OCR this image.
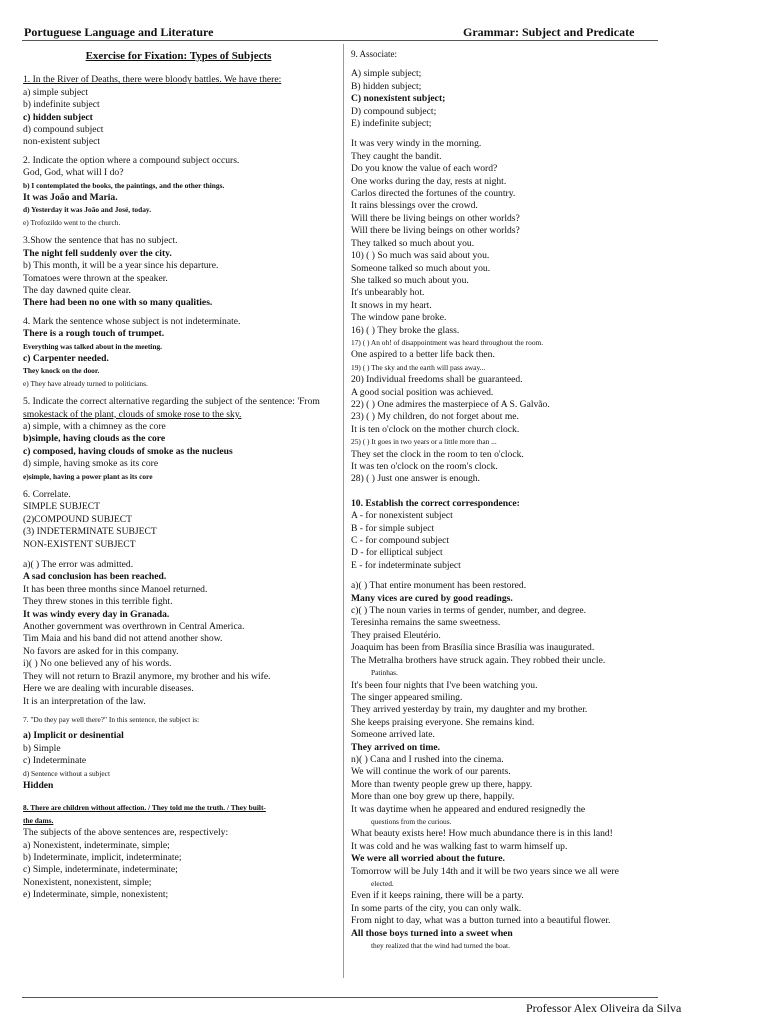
Portuguese Language and Literature	Grammar: Subject and Predicate
Exercise for Fixation: Types of Subjects
1. In the River of Deaths, there were bloody battles. We have there:
a) simple subject
b) indefinite subject
c) hidden subject
d) compound subject
non-existent subject
2. Indicate the option where a compound subject occurs.
God, God, what will I do?
b) I contemplated the books, the paintings, and the other things.
It was João and Maria.
d) Yesterday it was João and José, today.
e) Trofozildo went to the church.
3.Show the sentence that has no subject.
The night fell suddenly over the city.
b) This month, it will be a year since his departure.
Tomatoes were thrown at the speaker.
The day dawned quite clear.
There had been no one with so many qualities.
4. Mark the sentence whose subject is not indeterminate.
There is a rough touch of trumpet.
Everything was talked about in the meeting.
c) Carpenter needed.
They knock on the door.
e) They have already turned to politicians.
5. Indicate the correct alternative regarding the subject of the sentence: 'From
smokestack of the plant, clouds of smoke rose to the sky.
a) simple, with a chimney as the core
b)simple, having clouds as the core
c) composed, having clouds of smoke as the nucleus
d) simple, having smoke as its core
e)simple, having a power plant as its core
6. Correlate.
SIMPLE SUBJECT
(2)COMPOUND SUBJECT
(3) INDETERMINATE SUBJECT
NON-EXISTENT SUBJECT
a)( ) The error was admitted.
A sad conclusion has been reached.
It has been three months since Manoel returned.
They threw stones in this terrible fight.
It was windy every day in Granada.
Another government was overthrown in Central America.
Tim Maia and his band did not attend another show.
No favors are asked for in this company.
i)( ) No one believed any of his words.
They will not return to Brazil anymore, my brother and his wife.
Here we are dealing with incurable diseases.
It is an interpretation of the law.
7. "Do they pay well there?" In this sentence, the subject is:
a) Implicit or desinential
b) Simple
c) Indeterminate
d) Sentence without a subject
Hidden
8. There are children without affection. / They told me the truth. / They built-
the dams.
The subjects of the above sentences are, respectively:
a) Nonexistent, indeterminate, simple;
b) Indeterminate, implicit, indeterminate;
c) Simple, indeterminate, indeterminate;
Nonexistent, nonexistent, simple;
e) Indeterminate, simple, nonexistent;
9. Associate:
A) simple subject;
B) hidden subject;
C) nonexistent subject;
D) compound subject;
E) indefinite subject;
It was very windy in the morning.
They caught the bandit.
Do you know the value of each word?
One works during the day, rests at night.
Carlos directed the fortunes of the country.
It rains blessings over the crowd.
Will there be living beings on other worlds?
Will there be living beings on other worlds?
They talked so much about you.
10) ( ) So much was said about you.
Someone talked so much about you.
She talked so much about you.
It's unbearably hot.
It snows in my heart.
The window pane broke.
16) ( ) They broke the glass.
17) ( ) An oh! of disappointment was heard throughout the room.
One aspired to a better life back then.
19) ( ) The sky and the earth will pass away...
20) Individual freedoms shall be guaranteed.
A good social position was achieved.
22) ( ) One admires the masterpiece of A S. Galvão.
23) ( ) My children, do not forget about me.
It is ten o'clock on the mother church clock.
25) ( ) It goes in two years or a little more than ...
They set the clock in the room to ten o'clock.
It was ten o'clock on the room's clock.
28) ( ) Just one answer is enough.
10. Establish the correct correspondence:
A - for nonexistent subject
B - for simple subject
C - for compound subject
D - for elliptical subject
E - for indeterminate subject
a)( ) That entire monument has been restored.
Many vices are cured by good readings.
c)( ) The noun varies in terms of gender, number, and degree.
Teresinha remains the same sweetness.
They praised Eleutério.
Joaquim has been from Brasília since Brasília was inaugurated.
The Metralha brothers have struck again. They robbed their uncle.
Patinhas.
It's been four nights that I've been watching you.
The singer appeared smiling.
They arrived yesterday by train, my daughter and my brother.
She keeps praising everyone. She remains kind.
Someone arrived late.
They arrived on time.
n)( ) Cana and I rushed into the cinema.
We will continue the work of our parents.
More than twenty people grew up there, happy.
More than one boy grew up there, happily.
It was daytime when he appeared and endured resignedly the
questions from the curious.
What beauty exists here! How much abundance there is in this land!
It was cold and he was walking fast to warm himself up.
We were all worried about the future.
Tomorrow will be July 14th and it will be two years since we all were
elected.
Even if it keeps raining, there will be a party.
In some parts of the city, you can only walk.
From night to day, what was a button turned into a beautiful flower.
All those boys turned into a sweet when
they realized that the wind had turned the boat.
Professor Alex Oliveira da Silva
